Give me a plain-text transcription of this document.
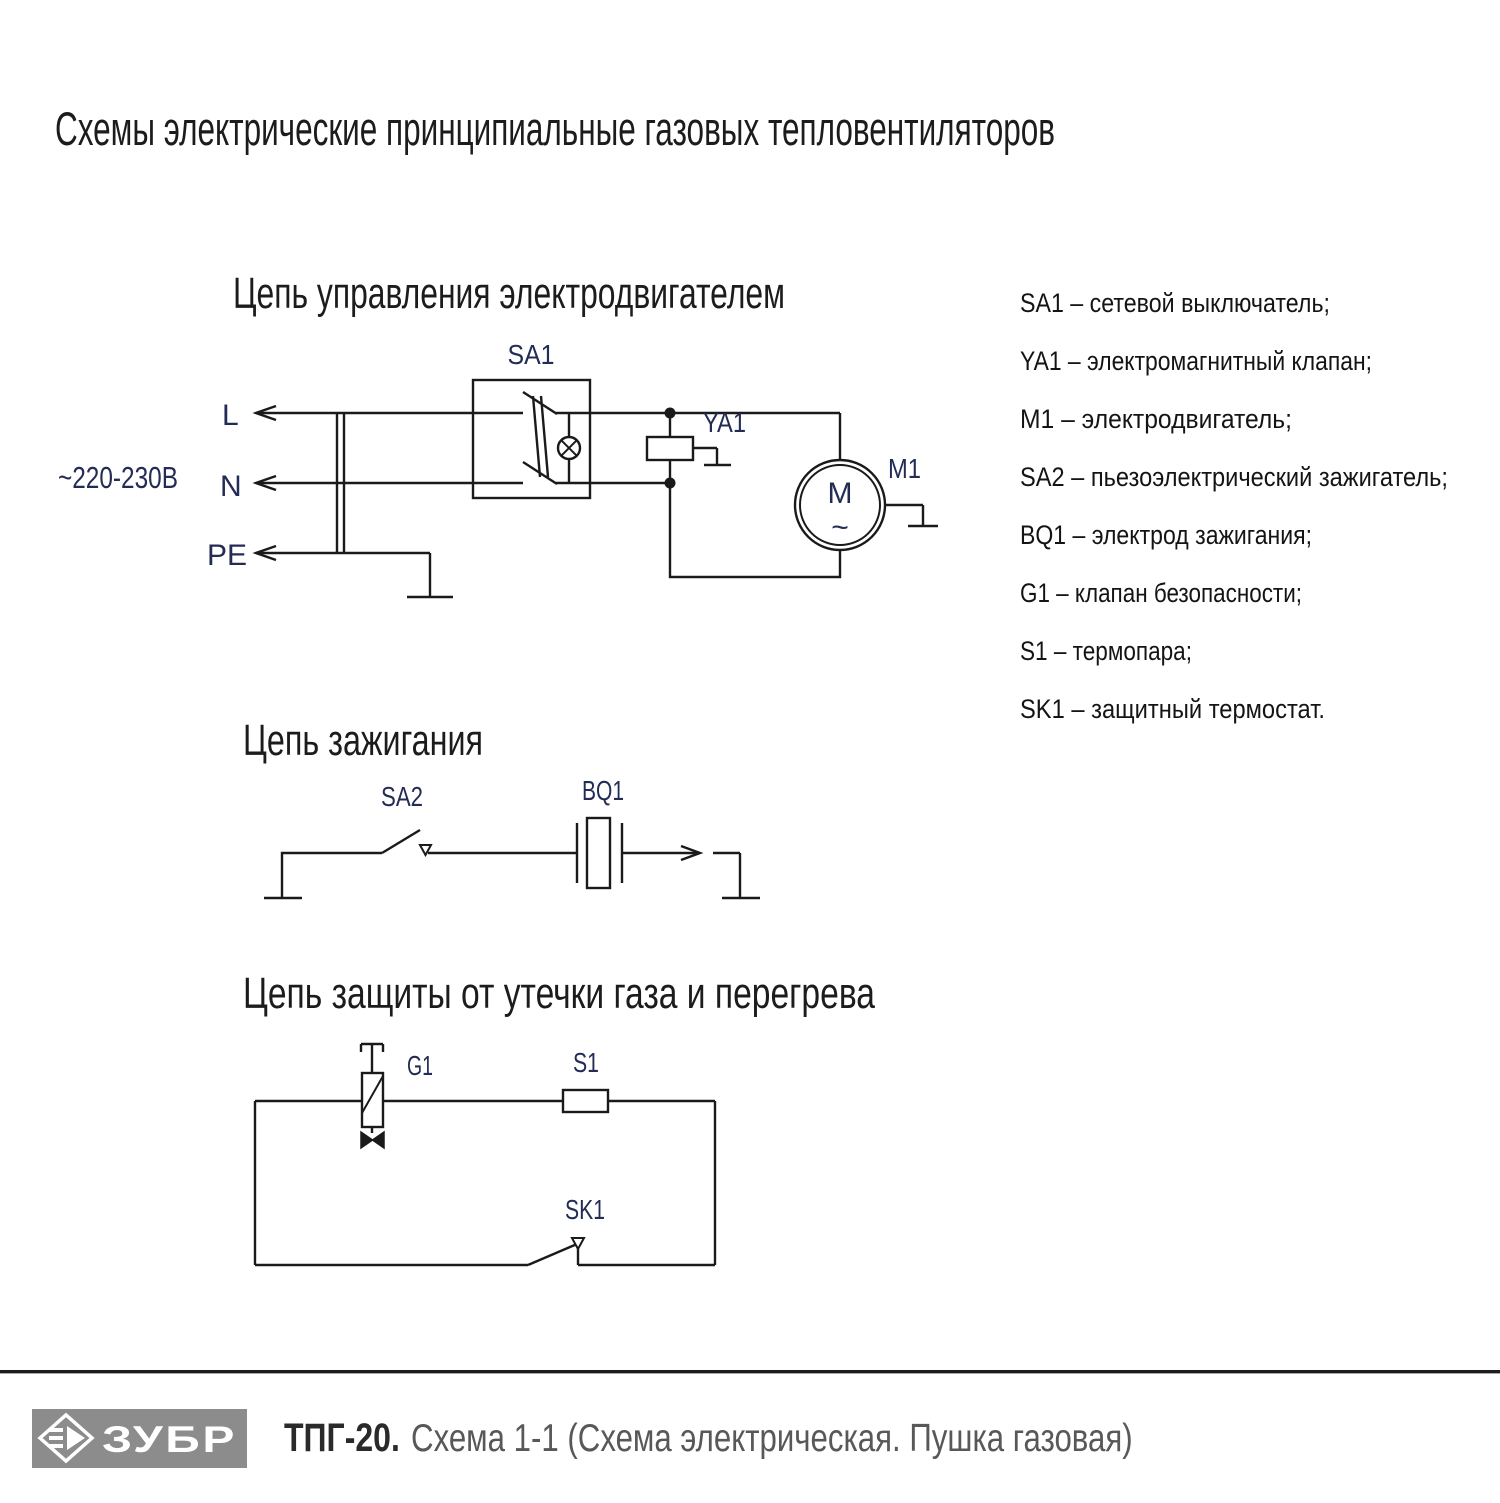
Схемы электрические принципиальные газовых тепловентиляторов
Цепь управления электродвигателем
~220-230В
L
N
PE
SA1
YA1
M
~
M1
SA1 – сетевой выключатель;
YA1 – электромагнитный клапан;
M1 – электродвигатель;
SA2 – пьезоэлектрический зажигатель;
BQ1 – электрод зажигания;
G1 – клапан безопасности;
S1 – термопара;
SK1 – защитный термостат.
Цепь зажигания
SA2	BQ1
Цепь защиты от утечки газа и перегрева
G1	S1
SK1
ЗУБР ТПГ-20. Схема 1-1 (Схема электрическая. Пушка газовая)
